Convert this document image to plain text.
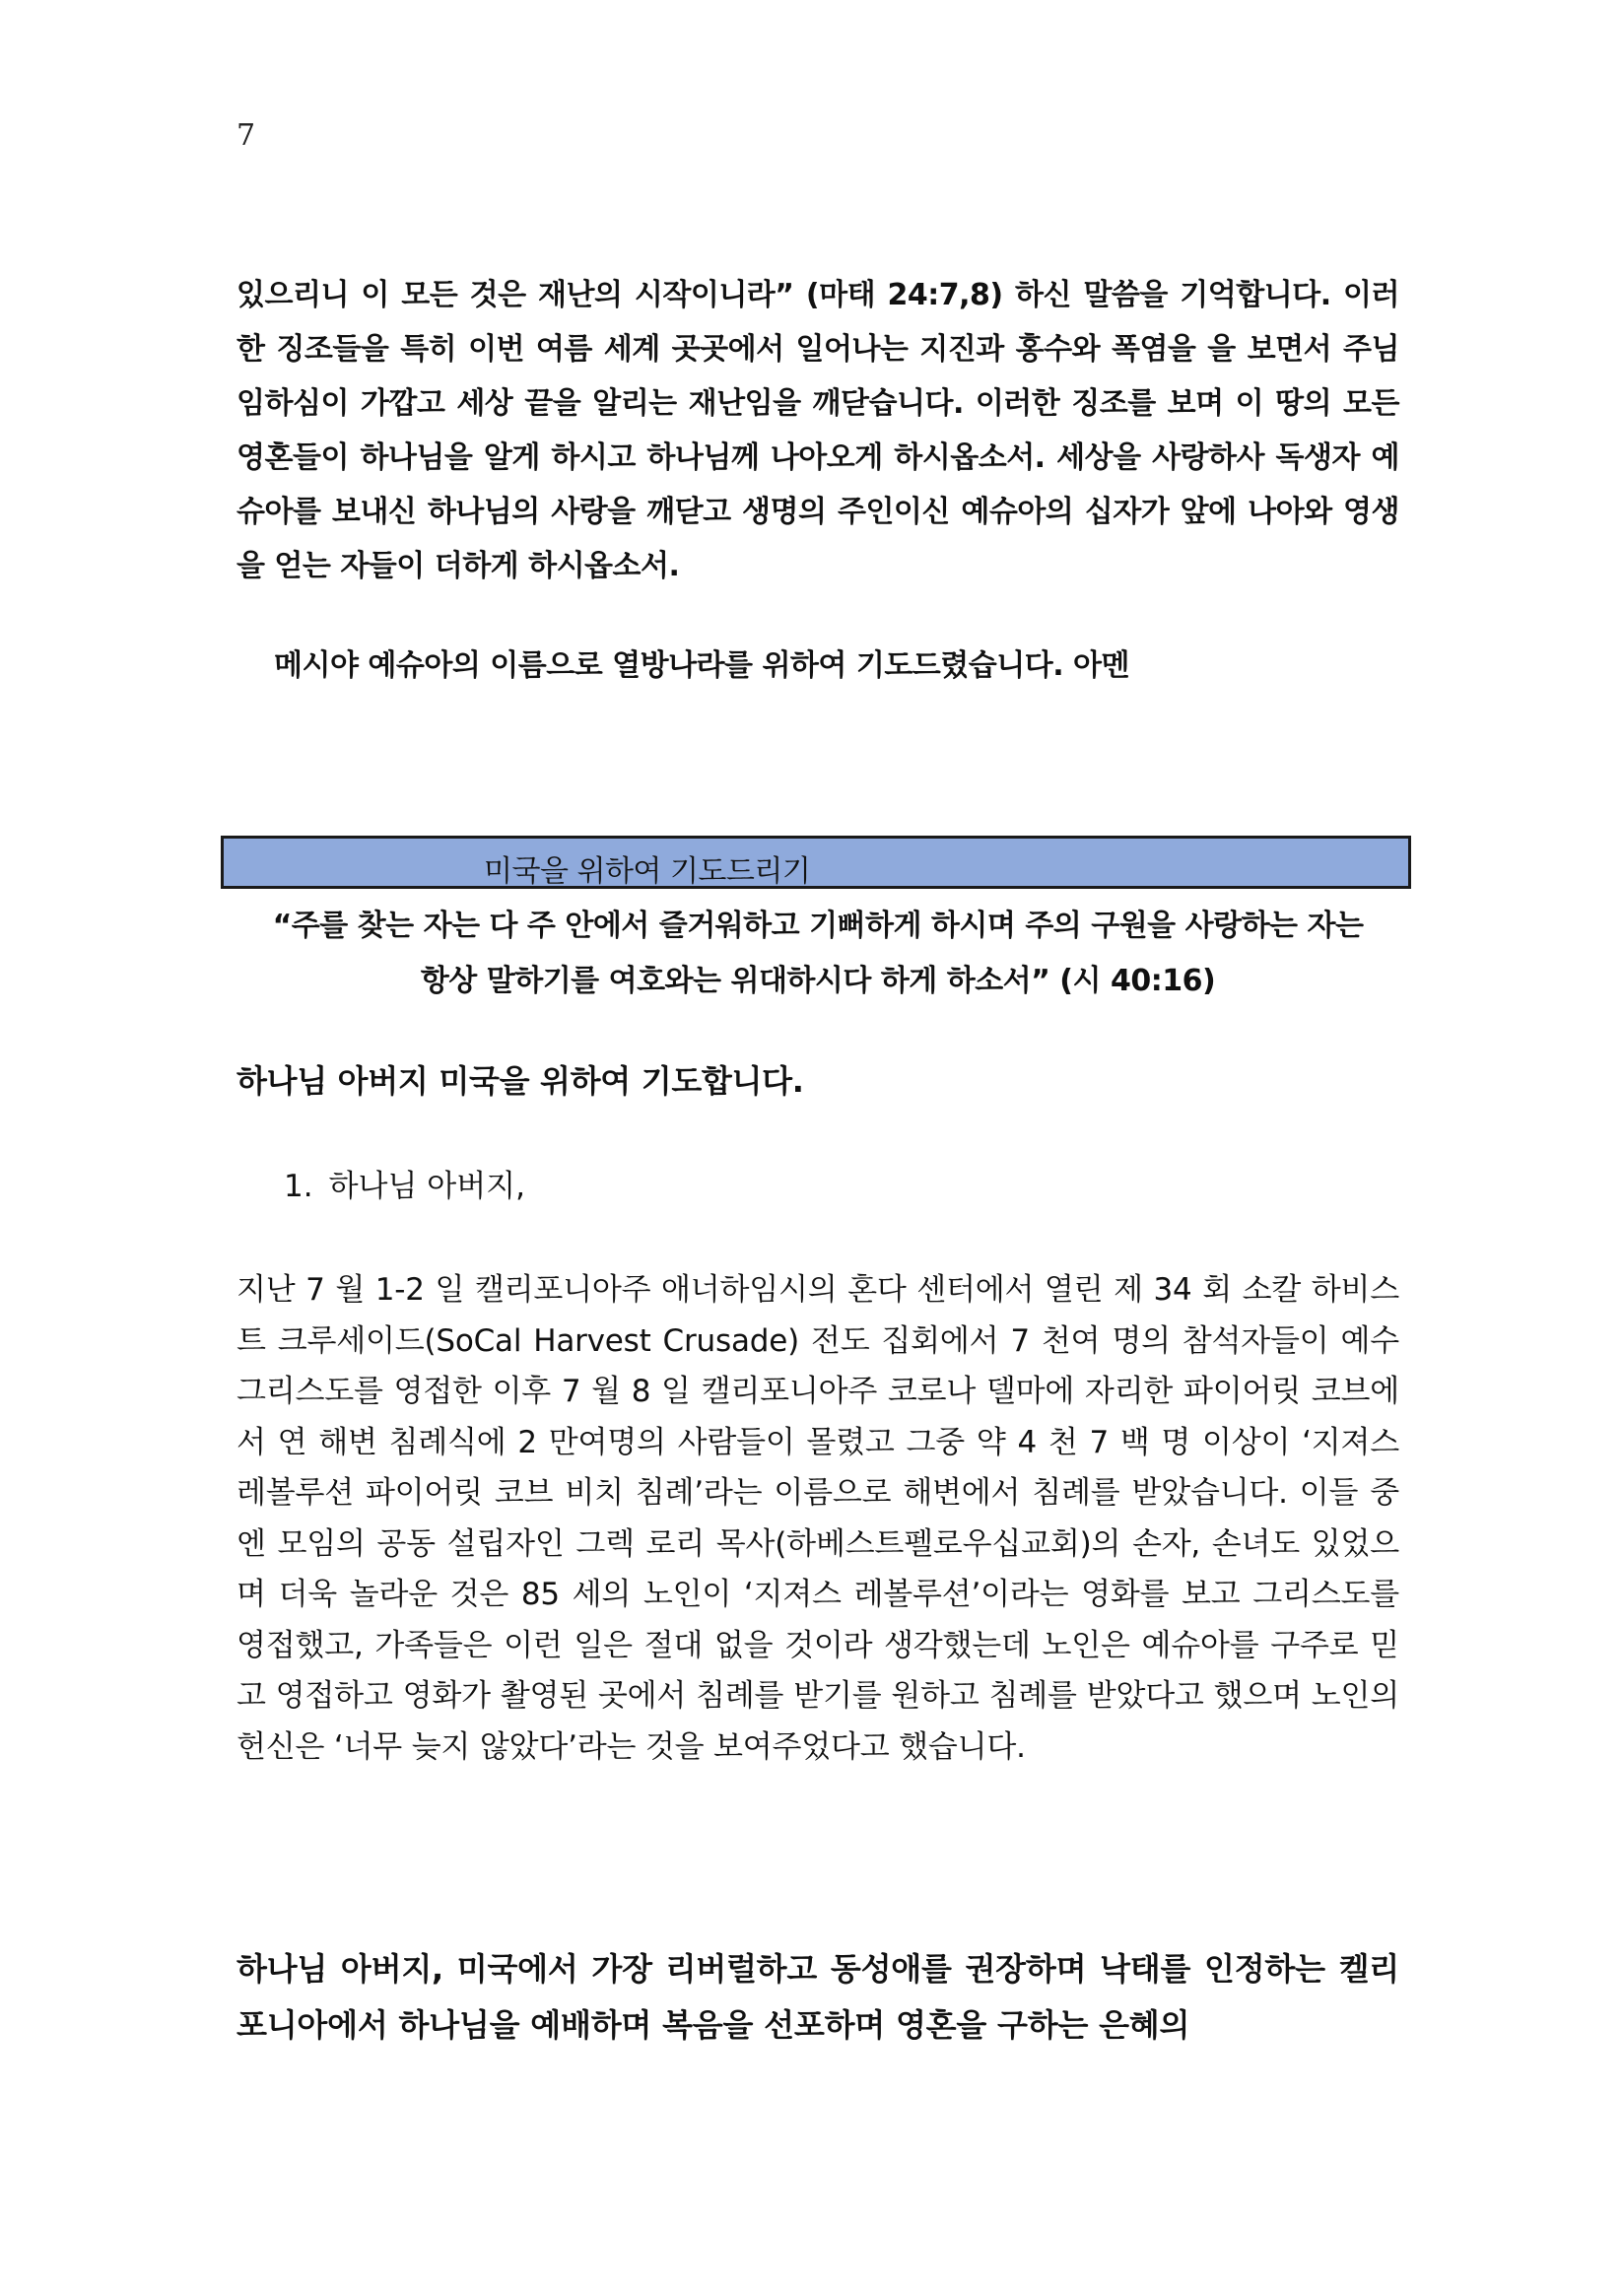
7

있으리니 이 모든 것은 재난의 시작이니라” (마태 24:7,8) 하신 말씀을 기억합니다. 이러한 징조들을 특히 이번 여름 세계 곳곳에서 일어나는 지진과 홍수와 폭염을 을 보면서 주님 임하심이 가깝고 세상 끝을 알리는 재난임을 깨닫습니다. 이러한 징조를 보며 이 땅의 모든 영혼들이 하나님을 알게 하시고 하나님께 나아오게 하시옵소서. 세상을 사랑하사 독생자 예슈아를 보내신 하나님의 사랑을 깨닫고 생명의 주인이신 예슈아의 십자가 앞에 나아와 영생을 얻는 자들이 더하게 하시옵소서.

메시야 예슈아의 이름으로 열방나라를 위하여 기도드렸습니다. 아멘
미국을 위하여 기도드리기

“주를 찾는 자는 다 주 안에서 즐거워하고 기뻐하게 하시며 주의 구원을 사랑하는 자는
항상 말하기를 여호와는 위대하시다 하게 하소서” (시 40:16)

하나님 아버지 미국을 위하여 기도합니다.
1. 하나님 아버지,

지난 7 월 1-2 일 캘리포니아주 애너하임시의 혼다 센터에서 열린 제 34 회 소칼 하비스트 크루세이드(SoCal Harvest Crusade) 전도 집회에서 7 천여 명의 참석자들이 예수 그리스도를 영접한 이후 7 월 8 일 캘리포니아주 코로나 델마에 자리한 파이어릿 코브에서 연 해변 침례식에 2 만여명의 사람들이 몰렸고 그중 약 4 천 7 백 명 이상이 ‘지져스 레볼루션 파이어릿 코브 비치 침례’라는 이름으로 해변에서 침례를 받았습니다. 이들 중엔 모임의 공동 설립자인 그렉 로리 목사(하베스트펠로우십교회)의 손자, 손녀도 있었으며 더욱 놀라운 것은 85 세의 노인이 ‘지져스 레볼루션’이라는 영화를 보고 그리스도를 영접했고, 가족들은 이런 일은 절대 없을 것이라 생각했는데 노인은 예슈아를 구주로 믿고 영접하고 영화가 촬영된 곳에서 침례를 받기를 원하고 침례를 받았다고 했으며 노인의 헌신은 ‘너무 늦지 않았다’라는 것을 보여주었다고 했습니다.

하나님 아버지, 미국에서 가장 리버럴하고 동성애를 권장하며 낙태를 인정하는 켈리포니아에서 하나님을 예배하며 복음을 선포하며 영혼을 구하는 은혜의
